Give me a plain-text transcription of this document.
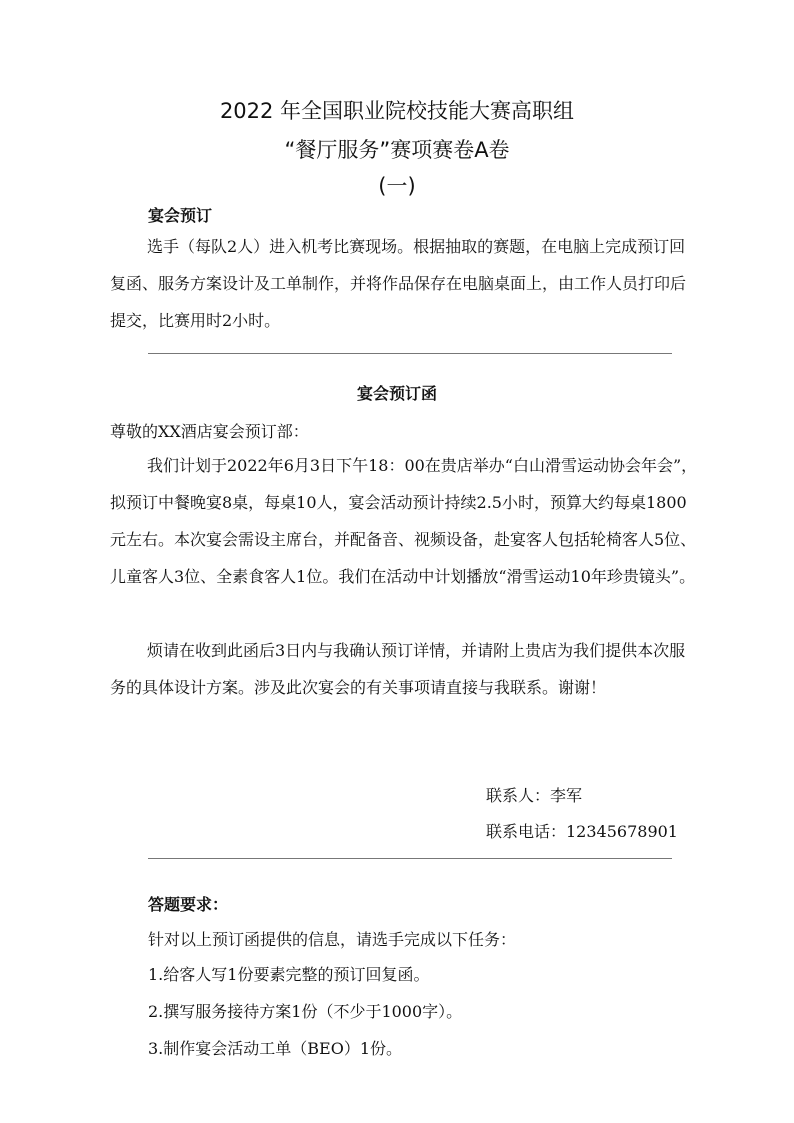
2022 年全国职业院校技能大赛高职组
“餐厅服务”赛项赛卷A卷
(一)
宴会预订

选手（每队2人）进入机考比赛现场。根据抽取的赛题，在电脑上完成预订回复函、服务方案设计及工单制作，并将作品保存在电脑桌面上，由工作人员打印后提交，比赛用时2小时。

宴会预订函
尊敬的XX酒店宴会预订部：

我们计划于2022年6月3日下午18：00在贵店举办“白山滑雪运动协会年会”，拟预订中餐晚宴8桌，每桌10人，宴会活动预计持续2.5小时，预算大约每桌1800元左右。本次宴会需设主席台，并配备音、视频设备，赴宴客人包括轮椅客人5位、儿童客人3位、全素食客人1位。我们在活动中计划播放“滑雪运动10年珍贵镜头”。

烦请在收到此函后3日内与我确认预订详情，并请附上贵店为我们提供本次服务的具体设计方案。涉及此次宴会的有关事项请直接与我联系。谢谢！

联系人：李军
联系电话：12345678901
答题要求：
针对以上预订函提供的信息，请选手完成以下任务：
1.给客人写1份要素完整的预订回复函。
2.撰写服务接待方案1份（不少于1000字）。
3.制作宴会活动工单（BEO）1份。
